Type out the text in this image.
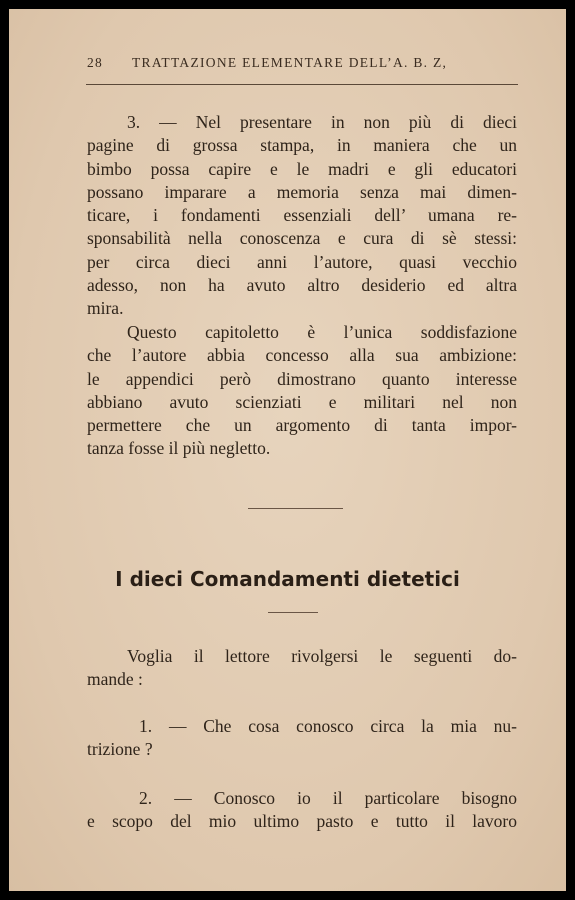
28 TRATTAZIONE ELEMENTARE DELL’A. B. Z,
3. — Nel presentare in non più di dieci
pagine di grossa stampa, in maniera che un
bimbo possa capire e le madri e gli educatori
possano imparare a memoria senza mai dimen-
ticare, i fondamenti essenziali dell’ umana re-
sponsabilità nella conoscenza e cura di sè stessi:
per circa dieci anni l’autore, quasi vecchio
adesso, non ha avuto altro desiderio ed altra
mira.
Questo capitoletto è l’unica soddisfazione
che l’autore abbia concesso alla sua ambizione:
le appendici però dimostrano quanto interesse
abbiano avuto scienziati e militari nel non
permettere che un argomento di tanta impor-
tanza fosse il più negletto.
I dieci Comandamenti dietetici
Voglia il lettore rivolgersi le seguenti do-
mande :
1. — Che cosa conosco circa la mia nu-
trizione ?
2. — Conosco io il particolare bisogno
e scopo del mio ultimo pasto e tutto il lavoro
